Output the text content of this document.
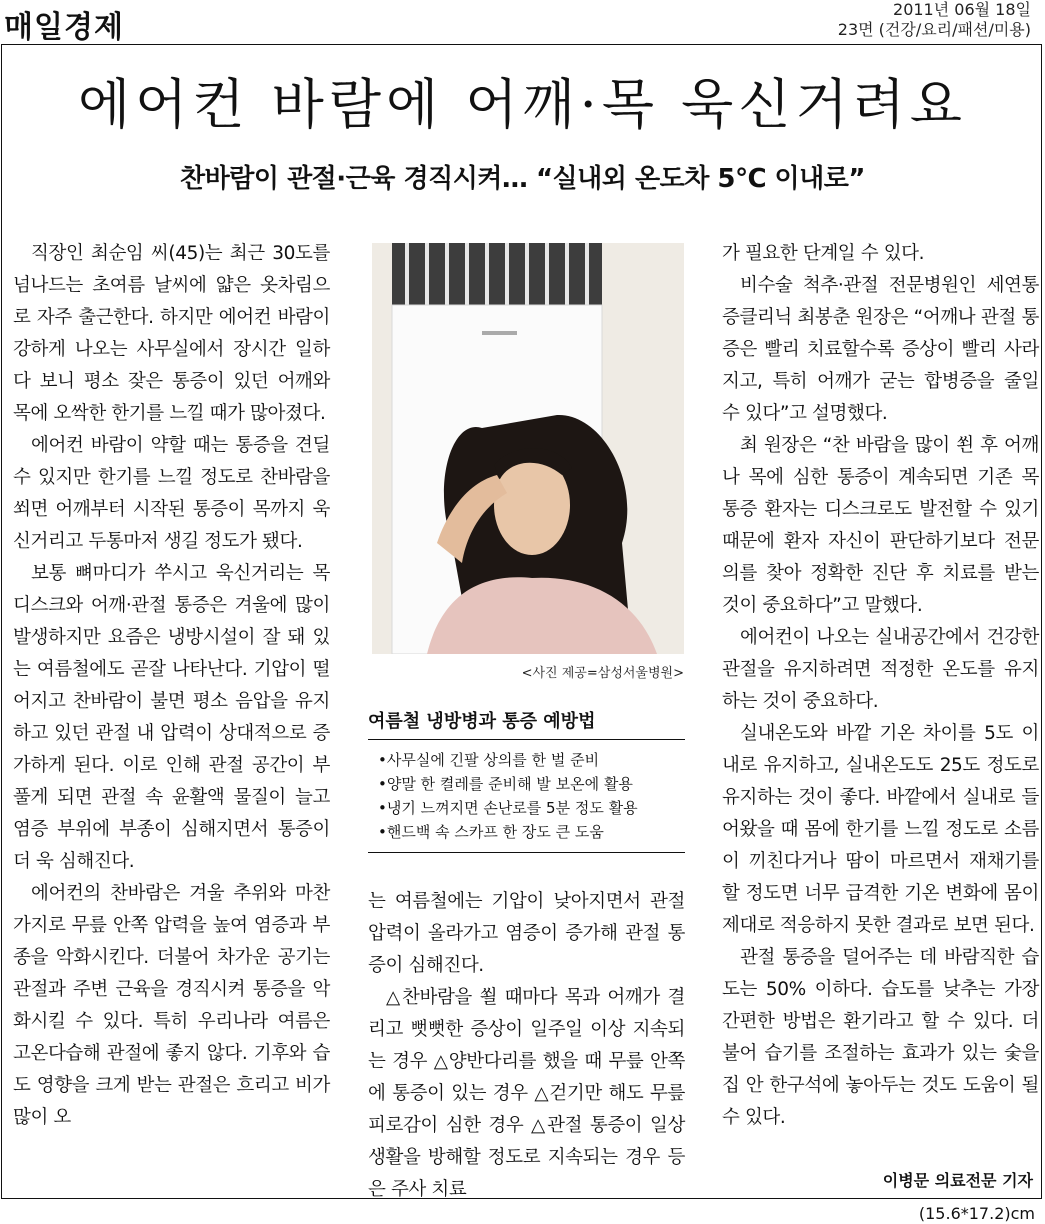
매일경제
2011년 06월 18일
23면 (건강/요리/패션/미용)
에어컨 바람에 어깨·목 욱신거려요
찬바람이 관절·근육 경직시켜… “실내외 온도차 5℃ 이내로”

직장인 최순임 씨(45)는 최근 30도를 넘나드는 초여름 날씨에 얇은 옷차림으로 자주 출근한다. 하지만 에어컨 바람이 강하게 나오는 사무실에서 장시간 일하다 보니 평소 잦은 통증이 있던 어깨와 목에 오싹한 한기를 느낄 때가 많아졌다.

에어컨 바람이 약할 때는 통증을 견딜 수 있지만 한기를 느낄 정도로 찬바람을 쐬면 어깨부터 시작된 통증이 목까지 욱신거리고 두통마저 생길 정도가 됐다.

보통 뼈마디가 쑤시고 욱신거리는 목 디스크와 어깨·관절 통증은 겨울에 많이 발생하지만 요즘은 냉방시설이 잘 돼 있는 여름철에도 곧잘 나타난다. 기압이 떨어지고 찬바람이 불면 평소 음압을 유지하고 있던 관절 내 압력이 상대적으로 증가하게 된다. 이로 인해 관절 공간이 부풀게 되면 관절 속 윤활액 물질이 늘고 염증 부위에 부종이 심해지면서 통증이 더 욱 심해진다.

에어컨의 찬바람은 겨울 추위와 마찬가지로 무릎 안쪽 압력을 높여 염증과 부종을 악화시킨다. 더불어 차가운 공기는 관절과 주변 근육을 경직시켜 통증을 악화시킬 수 있다. 특히 우리나라 여름은 고온다습해 관절에 좋지 않다. 기후와 습도 영향을 크게 받는 관절은 흐리고 비가 많이 오

<사진 제공=삼성서울병원>
여름철 냉방병과 통증 예방법
•사무실에 긴팔 상의를 한 벌 준비
•양말 한 켤레를 준비해 발 보온에 활용
•냉기 느껴지면 손난로를 5분 정도 활용
•핸드백 속 스카프 한 장도 큰 도움

는 여름철에는 기압이 낮아지면서 관절 압력이 올라가고 염증이 증가해 관절 통증이 심해진다.

△찬바람을 쐴 때마다 목과 어깨가 결리고 뻣뻣한 증상이 일주일 이상 지속되는 경우 △양반다리를 했을 때 무릎 안쪽에 통증이 있는 경우 △걷기만 해도 무릎 피로감이 심한 경우 △관절 통증이 일상생활을 방해할 정도로 지속되는 경우 등은 주사 치료

가 필요한 단계일 수 있다.

비수술 척추·관절 전문병원인 세연통증클리닉 최봉춘 원장은 “어깨나 관절 통증은 빨리 치료할수록 증상이 빨리 사라지고, 특히 어깨가 굳는 합병증을 줄일 수 있다”고 설명했다.

최 원장은 “찬 바람을 많이 쐰 후 어깨나 목에 심한 통증이 계속되면 기존 목 통증 환자는 디스크로도 발전할 수 있기 때문에 환자 자신이 판단하기보다 전문의를 찾아 정확한 진단 후 치료를 받는 것이 중요하다”고 말했다.

에어컨이 나오는 실내공간에서 건강한 관절을 유지하려면 적정한 온도를 유지하는 것이 중요하다.

실내온도와 바깥 기온 차이를 5도 이내로 유지하고, 실내온도도 25도 정도로 유지하는 것이 좋다. 바깥에서 실내로 들어왔을 때 몸에 한기를 느낄 정도로 소름이 끼친다거나 땀이 마르면서 재채기를 할 정도면 너무 급격한 기온 변화에 몸이 제대로 적응하지 못한 결과로 보면 된다.

관절 통증을 덜어주는 데 바람직한 습도는 50% 이하다. 습도를 낮추는 가장 간편한 방법은 환기라고 할 수 있다. 더불어 습기를 조절하는 효과가 있는 숯을 집 안 한구석에 놓아두는 것도 도움이 될 수 있다.

이병문 의료전문 기자
(15.6*17.2)cm
